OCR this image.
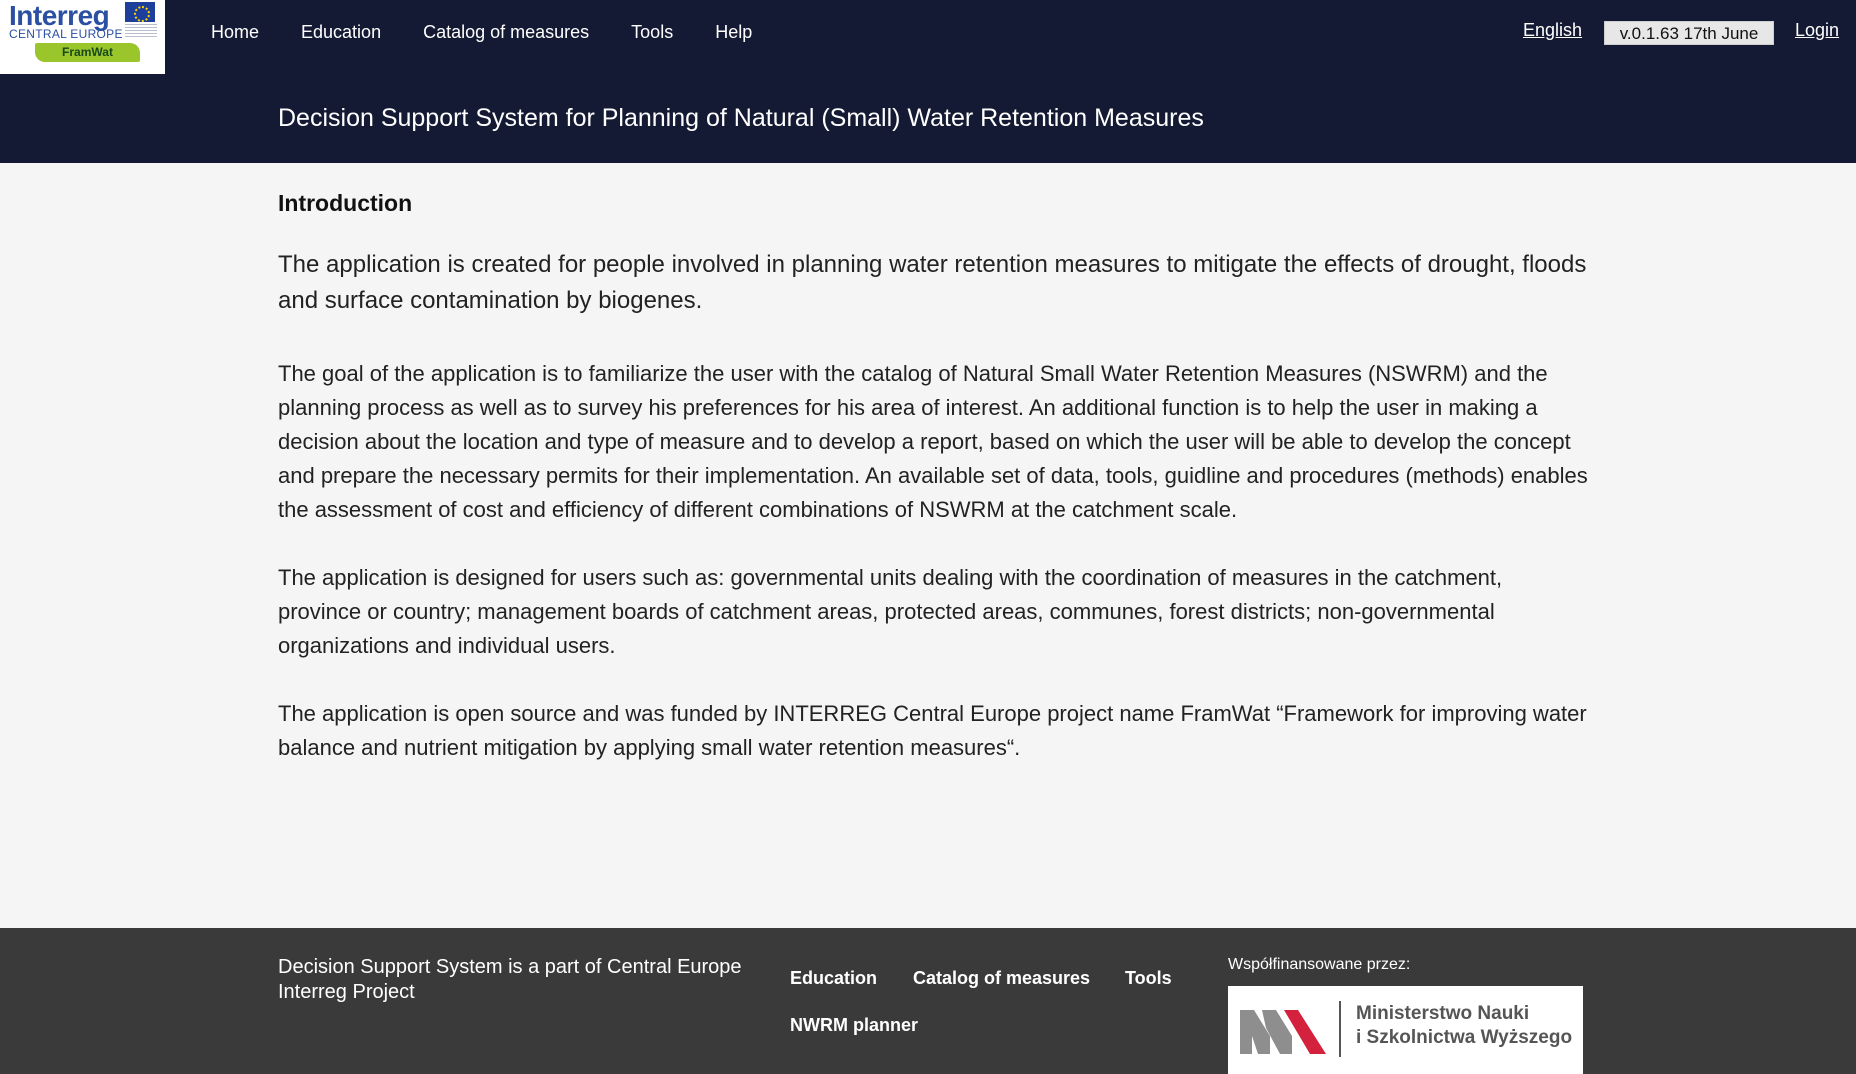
Interreg
CENTRAL EUROPE
FramWat
Home Education Catalog of measures Tools Help	English	v.0.1.63 17th June	Login
Decision Support System for Planning of Natural (Small) Water Retention Measures
Introduction

The application is created for people involved in planning water retention measures to mitigate the effects of drought, floods and surface contamination by biogenes.

The goal of the application is to familiarize the user with the catalog of Natural Small Water Retention Measures (NSWRM) and the planning process as well as to survey his preferences for his area of interest. An additional function is to help the user in making a decision about the location and type of measure and to develop a report, based on which the user will be able to develop the concept and prepare the necessary permits for their implementation. An available set of data, tools, guidline and procedures (methods) enables the assessment of cost and efficiency of different combinations of NSWRM at the catchment scale.

The application is designed for users such as: governmental units dealing with the coordination of measures in the catchment, province or country; management boards of catchment areas, protected areas, communes, forest districts; non-governmental organizations and individual users.

The application is open source and was funded by INTERREG Central Europe project name FramWat “Framework for improving water balance and nutrient mitigation by applying small water retention measures“.

Decision Support System is a part of Central Europe Interreg Project
Education Catalog of measures Tools
NWRM planner
Współfinansowane przez:
Ministerstwo Nauki
i Szkolnictwa Wyższego
